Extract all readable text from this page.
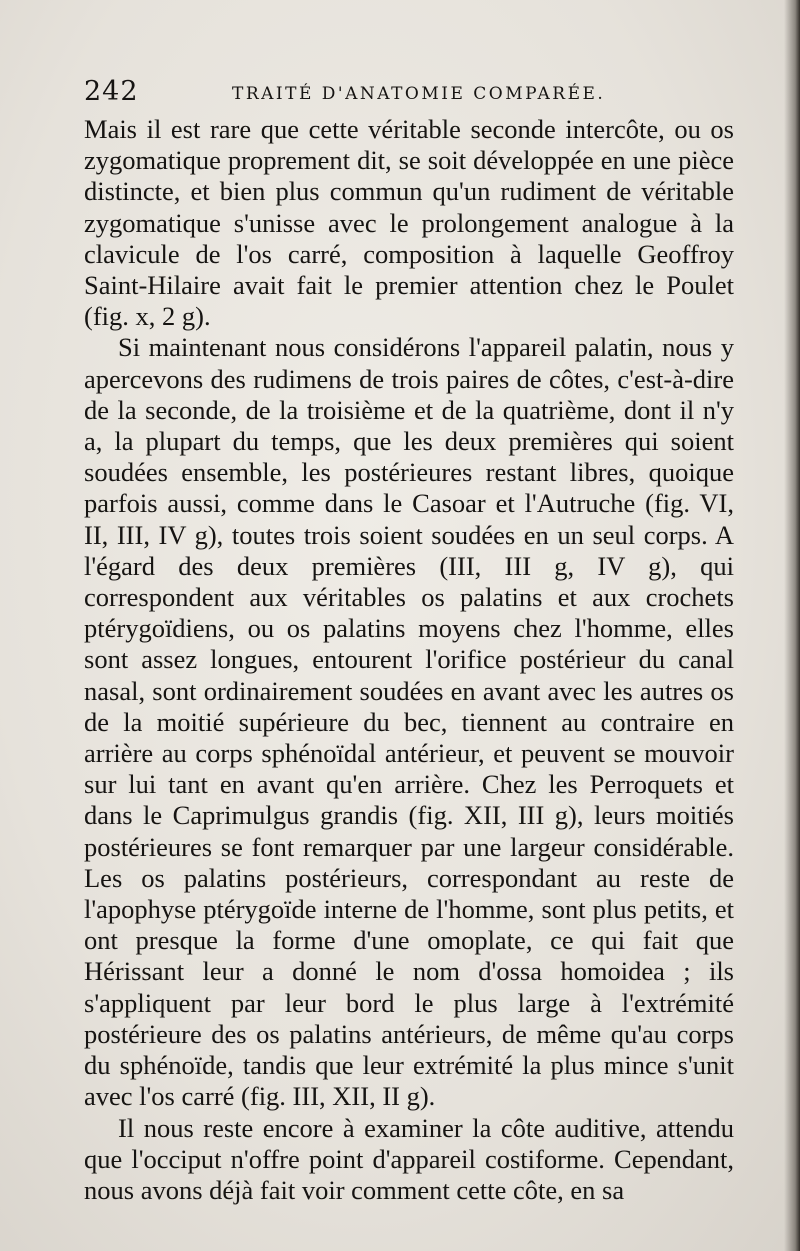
242	TRAITÉ D'ANATOMIE COMPARÉE.

Mais il est rare que cette véritable seconde intercôte, ou os zygomatique proprement dit, se soit développée en une pièce distincte, et bien plus commun qu'un rudiment de véritable zygomatique s'unisse avec le prolongement analogue à la clavicule de l'os carré, composition à laquelle Geoffroy Saint-Hilaire avait fait le premier attention chez le Poulet (fig. x, 2 g).

Si maintenant nous considérons l'appareil palatin, nous y apercevons des rudimens de trois paires de côtes, c'est-à-dire de la seconde, de la troisième et de la quatrième, dont il n'y a, la plupart du temps, que les deux premières qui soient soudées ensemble, les postérieures restant libres, quoique parfois aussi, comme dans le Casoar et l'Autruche (fig. VI, II, III, IV g), toutes trois soient soudées en un seul corps. A l'égard des deux premières (III, III g, IV g), qui correspondent aux véritables os palatins et aux crochets ptérygoïdiens, ou os palatins moyens chez l'homme, elles sont assez longues, entourent l'orifice postérieur du canal nasal, sont ordinairement soudées en avant avec les autres os de la moitié supérieure du bec, tiennent au contraire en arrière au corps sphénoïdal antérieur, et peuvent se mouvoir sur lui tant en avant qu'en arrière. Chez les Perroquets et dans le Caprimulgus grandis (fig. XII, III g), leurs moitiés postérieures se font remarquer par une largeur considérable. Les os palatins postérieurs, correspondant au reste de l'apophyse ptérygoïde interne de l'homme, sont plus petits, et ont presque la forme d'une omoplate, ce qui fait que Hérissant leur a donné le nom d'ossa homoidea ; ils s'appliquent par leur bord le plus large à l'extrémité postérieure des os palatins antérieurs, de même qu'au corps du sphénoïde, tandis que leur extrémité la plus mince s'unit avec l'os carré (fig. III, XII, II g).

Il nous reste encore à examiner la côte auditive, attendu que l'occiput n'offre point d'appareil costiforme. Cependant, nous avons déjà fait voir comment cette côte, en sa
